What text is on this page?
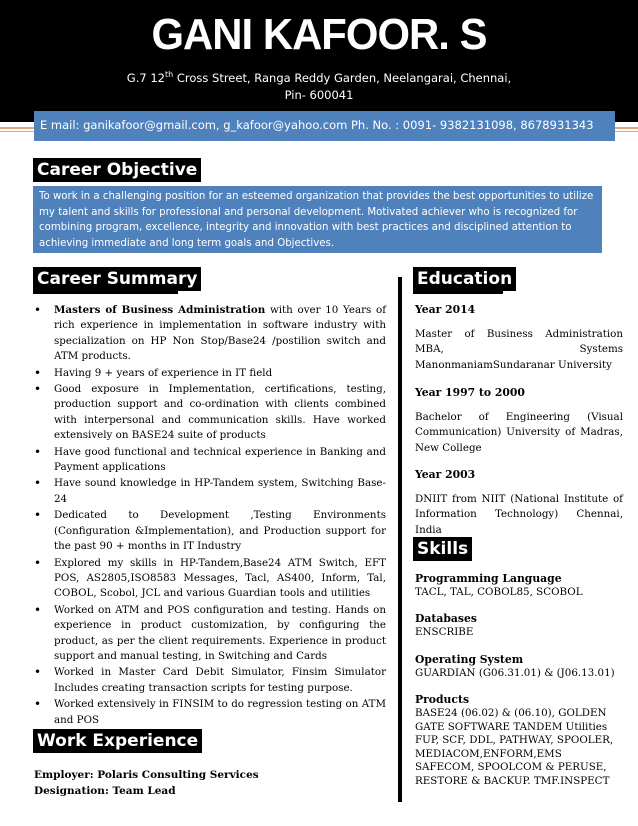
GANI KAFOOR. S
G.7 12th Cross Street, Ranga Reddy Garden, Neelangarai, Chennai,
Pin- 600041
E mail: ganikafoor@gmail.com, g_kafoor@yahoo.com Ph. No. : 0091- 9382131098, 8678931343
Career Objective
To work in a challenging position for an esteemed organization that provides the best opportunities to utilize my talent and skills for professional and personal development. Motivated achiever who is recognized for combining program, excellence, integrity and innovation with best practices and disciplined attention to achieving immediate and long term goals and Objectives.
Career Summary
• Masters of Business Administration with over 10 Years of rich experience in implementation in software industry with specialization on HP Non Stop/Base24 /postilion switch and ATM products.
• Having 9 + years of experience in IT field
• Good exposure in Implementation, certifications, testing, production support and co-ordination with clients combined with interpersonal and communication skills. Have worked extensively on BASE24 suite of products
• Have good functional and technical experience in Banking and Payment applications
• Have sound knowledge in HP-Tandem system, Switching Base-24
• Dedicated to Development ,Testing Environments (Configuration &Implementation), and Production support for the past 90 + months in IT Industry
• Explored my skills in HP-Tandem,Base24 ATM Switch, EFT POS, AS2805,ISO8583 Messages, Tacl, AS400, Inform, Tal, COBOL, Scobol, JCL and various Guardian tools and utilities
• Worked on ATM and POS configuration and testing. Hands on experience in product customization, by configuring the product, as per the client requirements. Experience in product support and manual testing, in Switching and Cards
• Worked in Master Card Debit Simulator, Finsim Simulator Includes creating transaction scripts for testing purpose.
• Worked extensively in FINSIM to do regression testing on ATM and POS
Work Experience
Employer: Polaris Consulting Services
Designation: Team Lead
Education
Year 2014
Master of Business Administration MBA, Systems ManonmaniamSundaranar University
Year 1997 to 2000
Bachelor of Engineering (Visual Communication) University of Madras, New College
Year 2003
DNIIT from NIIT (National Institute of Information Technology) Chennai, India
Skills
Programming Language
TACL, TAL, COBOL85, SCOBOL
Databases
ENSCRIBE
Operating System
GUARDIAN (G06.31.01) & (J06.13.01)
Products
BASE24 (06.02) & (06.10), GOLDEN GATE SOFTWARE TANDEM Utilities FUP, SCF, DDL, PATHWAY, SPOOLER, MEDIACOM,ENFORM,EMS SAFECOM, SPOOLCOM & PERUSE, RESTORE & BACKUP. TMF.INSPECT
